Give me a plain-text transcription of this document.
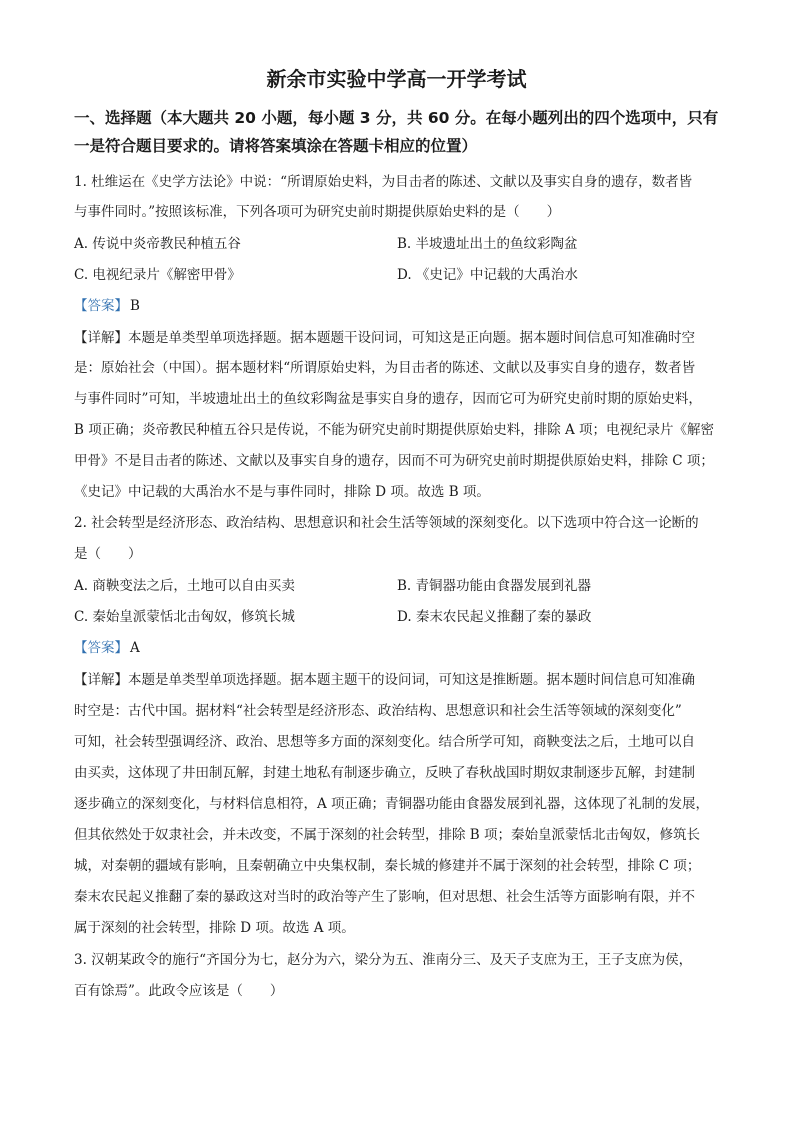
新余市实验中学高一开学考试
一、选择题（本大题共 20 小题，每小题 3 分，共 60 分。在每小题列出的四个选项中，只有
一是符合题目要求的。请将答案填涂在答题卡相应的位置）
1. 杜维运在《史学方法论》中说：“所谓原始史料，为目击者的陈述、文献以及事实自身的遗存，数者皆
与事件同时。”按照该标准，下列各项可为研究史前时期提供原始史料的是（　　）
A. 传说中炎帝教民种植五谷	B. 半坡遗址出土的鱼纹彩陶盆
C. 电视纪录片《解密甲骨》	D. 《史记》中记载的大禹治水
【答案】 B
【详解】本题是单类型单项选择题。据本题题干设问词，可知这是正向题。据本题时间信息可知准确时空
是：原始社会（中国）。据本题材料“所谓原始史料，为目击者的陈述、文献以及事实自身的遗存，数者皆
与事件同时”可知，半坡遗址出土的鱼纹彩陶盆是事实自身的遗存，因而它可为研究史前时期的原始史料，
B 项正确；炎帝教民种植五谷只是传说，不能为研究史前时期提供原始史料，排除 A 项；电视纪录片《解密
甲骨》不是目击者的陈述、文献以及事实自身的遗存，因而不可为研究史前时期提供原始史料，排除 C 项；
《史记》中记载的大禹治水不是与事件同时，排除 D 项。故选 B 项。
2. 社会转型是经济形态、政治结构、思想意识和社会生活等领域的深刻变化。以下选项中符合这一论断的
是（　　）
A. 商鞅变法之后，土地可以自由买卖	B. 青铜器功能由食器发展到礼器
C. 秦始皇派蒙恬北击匈奴，修筑长城	D. 秦末农民起义推翻了秦的暴政
【答案】 A
【详解】本题是单类型单项选择题。据本题主题干的设问词，可知这是推断题。据本题时间信息可知准确
时空是：古代中国。据材料“社会转型是经济形态、政治结构、思想意识和社会生活等领域的深刻变化”
可知，社会转型强调经济、政治、思想等多方面的深刻变化。结合所学可知，商鞅变法之后，土地可以自
由买卖，这体现了井田制瓦解，封建土地私有制逐步确立，反映了春秋战国时期奴隶制逐步瓦解，封建制
逐步确立的深刻变化，与材料信息相符，A 项正确；青铜器功能由食器发展到礼器，这体现了礼制的发展，
但其依然处于奴隶社会，并未改变，不属于深刻的社会转型，排除 B 项；秦始皇派蒙恬北击匈奴，修筑长
城，对秦朝的疆域有影响，且秦朝确立中央集权制，秦长城的修建并不属于深刻的社会转型，排除 C 项；
秦末农民起义推翻了秦的暴政这对当时的政治等产生了影响，但对思想、社会生活等方面影响有限，并不
属于深刻的社会转型，排除 D 项。故选 A 项。
3. 汉朝某政令的施行“齐国分为七，赵分为六，梁分为五、淮南分三、及天子支庶为王，王子支庶为侯，
百有馀焉”。此政令应该是（　　）
